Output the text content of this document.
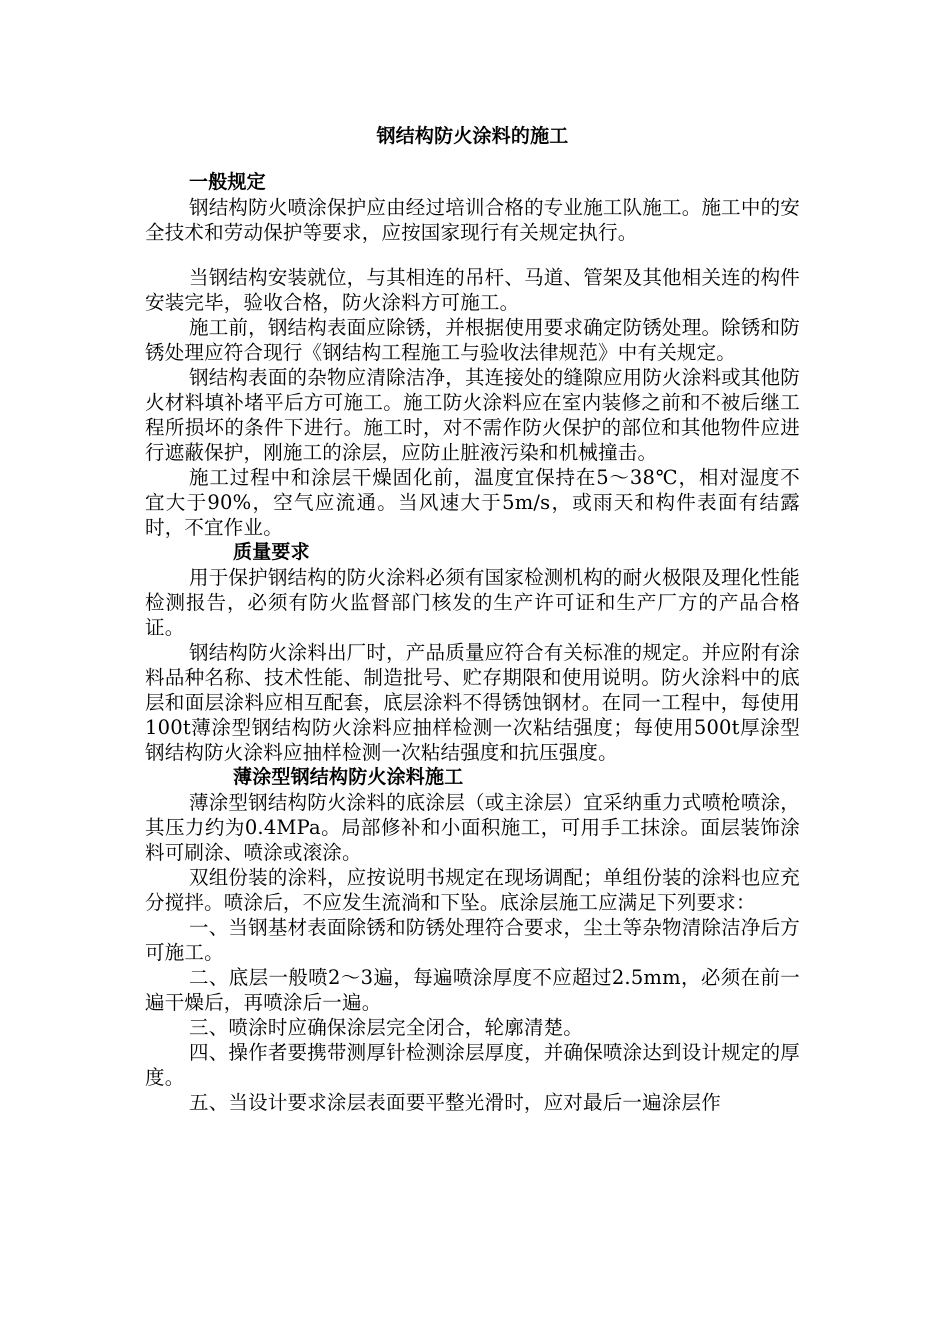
钢结构防火涂料的施工
一般规定

钢结构防火喷涂保护应由经过培训合格的专业施工队施工。施工中的安全技术和劳动保护等要求，应按国家现行有关规定执行。

当钢结构安装就位，与其相连的吊杆、马道、管架及其他相关连的构件安装完毕，验收合格，防火涂料方可施工。

施工前，钢结构表面应除锈，并根据使用要求确定防锈处理。除锈和防锈处理应符合现行《钢结构工程施工与验收法律规范》中有关规定。

钢结构表面的杂物应清除洁净，其连接处的缝隙应用防火涂料或其他防火材料填补堵平后方可施工。施工防火涂料应在室内装修之前和不被后继工程所损坏的条件下进行。施工时，对不需作防火保护的部位和其他物件应进行遮蔽保护，刚施工的涂层，应防止脏液污染和机械撞击。

施工过程中和涂层干燥固化前，温度宜保持在5～38℃，相对湿度不宜大于90%，空气应流通。当风速大于5m/s，或雨天和构件表面有结露时，不宜作业。

质量要求

用于保护钢结构的防火涂料必须有国家检测机构的耐火极限及理化性能检测报告，必须有防火监督部门核发的生产许可证和生产厂方的产品合格证。

钢结构防火涂料出厂时，产品质量应符合有关标准的规定。并应附有涂料品种名称、技术性能、制造批号、贮存期限和使用说明。防火涂料中的底层和面层涂料应相互配套，底层涂料不得锈蚀钢材。在同一工程中，每使用100t薄涂型钢结构防火涂料应抽样检测一次粘结强度；每使用500t厚涂型钢结构防火涂料应抽样检测一次粘结强度和抗压强度。

薄涂型钢结构防火涂料施工

薄涂型钢结构防火涂料的底涂层（或主涂层）宜采纳重力式喷枪喷涂，其压力约为0.4MPa。局部修补和小面积施工，可用手工抹涂。面层装饰涂料可刷涂、喷涂或滚涂。

双组份装的涂料，应按说明书规定在现场调配；单组份装的涂料也应充分搅拌。喷涂后，不应发生流淌和下坠。底涂层施工应满足下列要求：

一、当钢基材表面除锈和防锈处理符合要求，尘土等杂物清除洁净后方可施工。

二、底层一般喷2～3遍，每遍喷涂厚度不应超过2.5mm，必须在前一遍干燥后，再喷涂后一遍。

三、喷涂时应确保涂层完全闭合，轮廓清楚。

四、操作者要携带测厚针检测涂层厚度，并确保喷涂达到设计规定的厚度。

五、当设计要求涂层表面要平整光滑时，应对最后一遍涂层作
